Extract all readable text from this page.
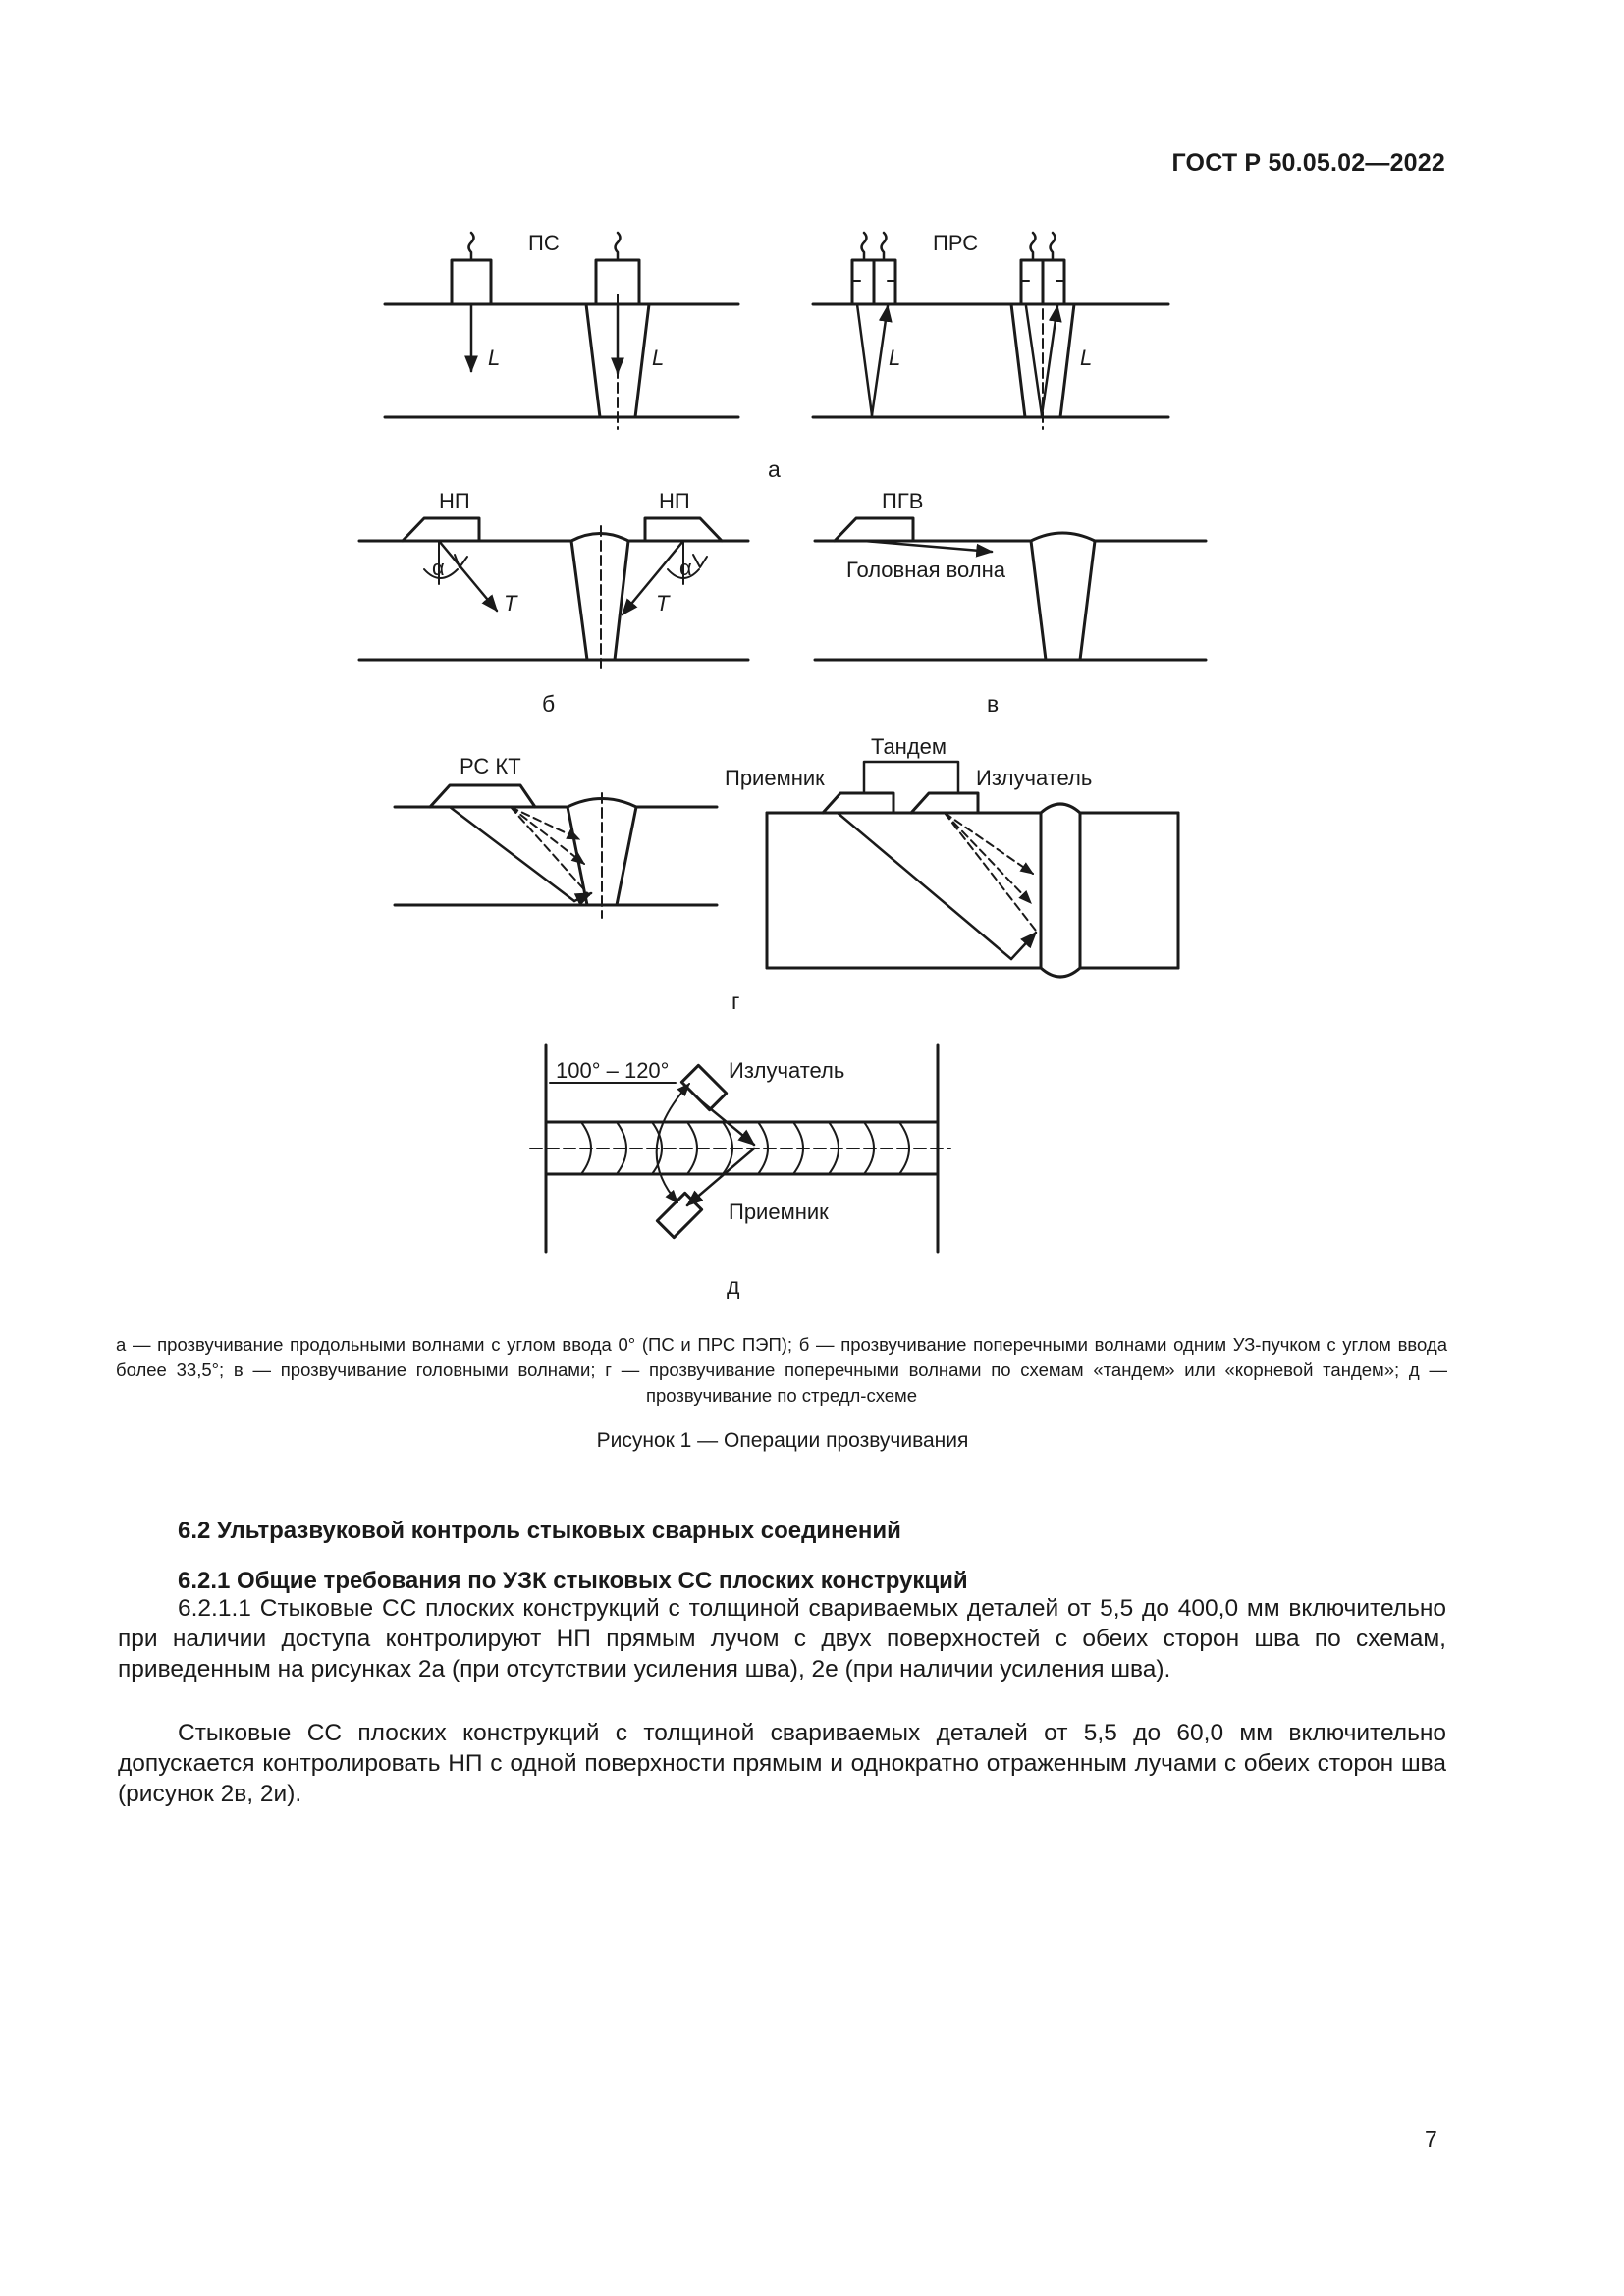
ГОСТ Р 50.05.02—2022
ПС
L	L
ПРС
L	L
а
НП	НП
α	α
T	T
б
ПГВ
Головная волна
в
РС КТ
Тандем
Приемник	Излучатель
г
100° – 120°	Излучатель
Приемник
д
а — прозвучивание продольными волнами с углом ввода 0° (ПС и ПРС ПЭП); б — прозвучивание поперечными волнами одним УЗ-пучком с углом ввода более 33,5°; в — прозвучивание головными волнами; г — прозвучивание поперечными волнами по схемам «тандем» или «корневой тандем»; д — прозвучивание по стредл-схеме
Рисунок 1 — Операции прозвучивания
6.2 Ультразвуковой контроль стыковых сварных соединений
6.2.1 Общие требования по УЗК стыковых СС плоских конструкций
6.2.1.1 Стыковые СС плоских конструкций с толщиной свариваемых деталей от 5,5 до 400,0 мм включительно при наличии доступа контролируют НП прямым лучом с двух поверхностей с обеих сторон шва по схемам, приведенным на рисунках 2а (при отсутствии усиления шва), 2е (при наличии усиления шва).
Стыковые СС плоских конструкций с толщиной свариваемых деталей от 5,5 до 60,0 мм включительно допускается контролировать НП с одной поверхности прямым и однократно отраженным лучами с обеих сторон шва (рисунок 2в, 2и).
7
